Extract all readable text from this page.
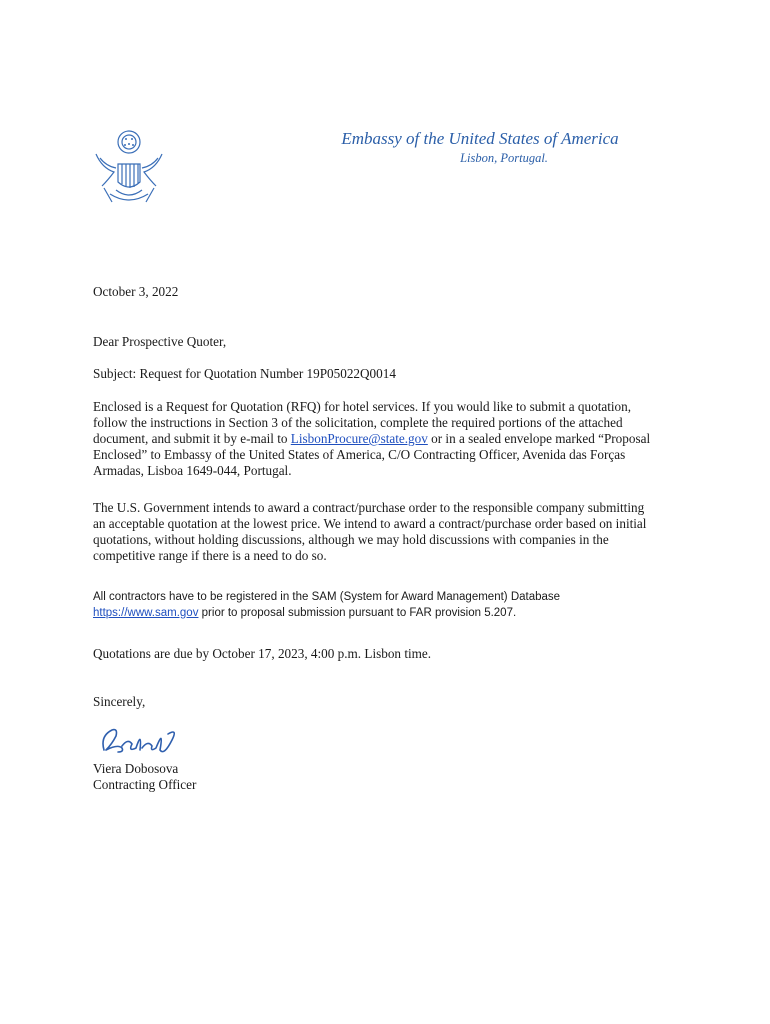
Embassy of the United States of America
Lisbon, Portugal.
October 3, 2022
Dear Prospective Quoter,
Subject: Request for Quotation Number 19P05022Q0014

Enclosed is a Request for Quotation (RFQ) for hotel services. If you would like to submit a quotation, follow the instructions in Section 3 of the solicitation, complete the required portions of the attached document, and submit it by e-mail to LisbonProcure@state.gov or in a sealed envelope marked “Proposal Enclosed” to Embassy of the United States of America, C/O Contracting Officer, Avenida das Forças Armadas, Lisboa 1649-044, Portugal.

The U.S. Government intends to award a contract/purchase order to the responsible company submitting an acceptable quotation at the lowest price. We intend to award a contract/purchase order based on initial quotations, without holding discussions, although we may hold discussions with companies in the competitive range if there is a need to do so.

All contractors have to be registered in the SAM (System for Award Management) Database
https://www.sam.gov prior to proposal submission pursuant to FAR provision 5.207.
Quotations are due by October 17, 2023, 4:00 p.m. Lisbon time.
Sincerely,
Viera Dobosova
Contracting Officer
